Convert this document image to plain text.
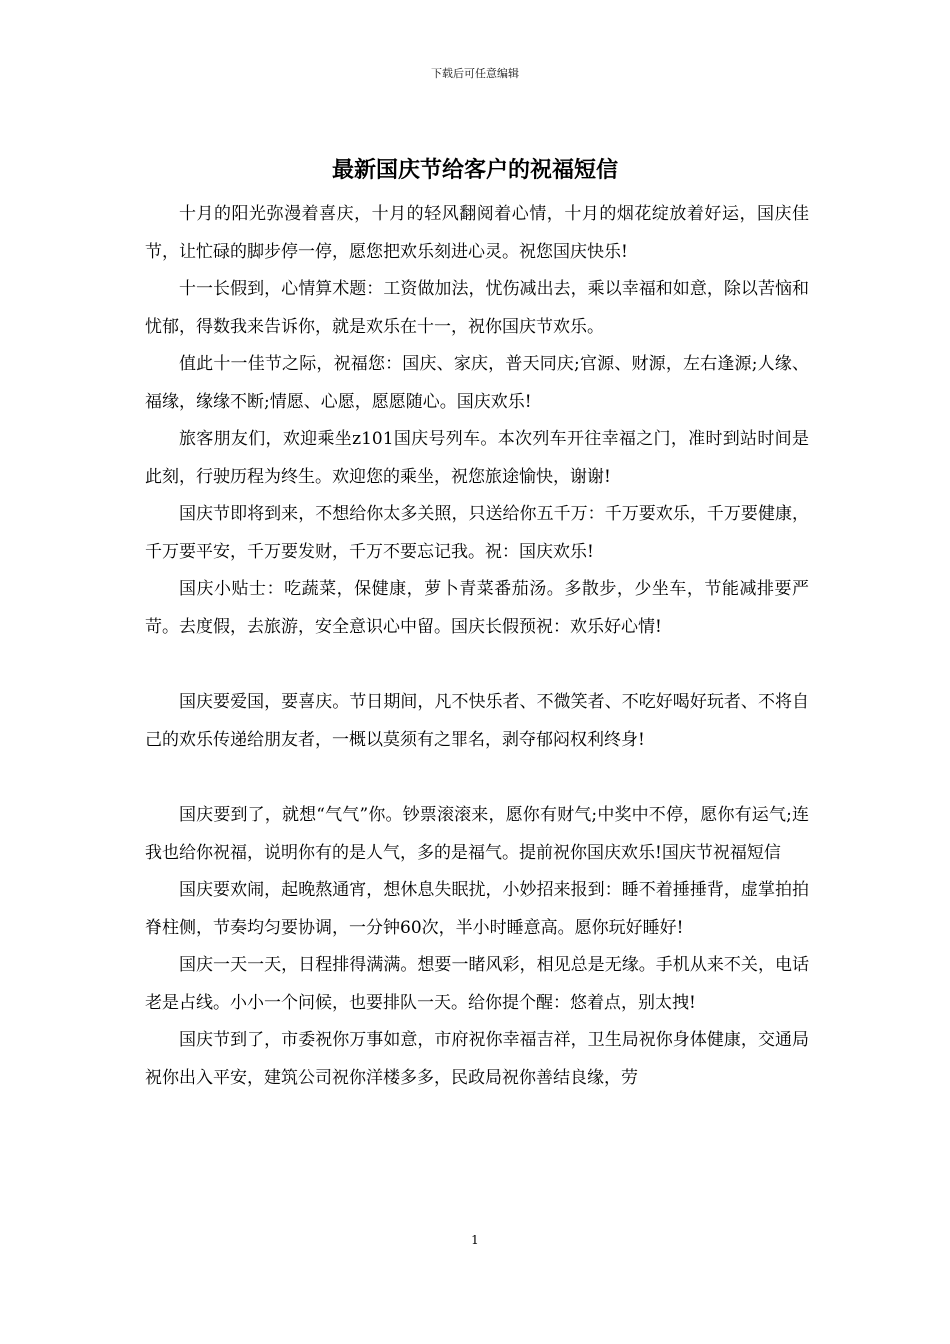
下载后可任意编辑
最新国庆节给客户的祝福短信

十月的阳光弥漫着喜庆，十月的轻风翻阅着心情，十月的烟花绽放着好运，国庆佳节，让忙碌的脚步停一停，愿您把欢乐刻进心灵。祝您国庆快乐!

十一长假到，心情算术题：工资做加法，忧伤减出去，乘以幸福和如意，除以苦恼和忧郁，得数我来告诉你，就是欢乐在十一，祝你国庆节欢乐。

值此十一佳节之际，祝福您：国庆、家庆，普天同庆;官源、财源，左右逢源;人缘、福缘，缘缘不断;情愿、心愿，愿愿随心。国庆欢乐!

旅客朋友们，欢迎乘坐z101国庆号列车。本次列车开往幸福之门，准时到站时间是此刻，行驶历程为终生。欢迎您的乘坐，祝您旅途愉快，谢谢!

国庆节即将到来，不想给你太多关照，只送给你五千万：千万要欢乐，千万要健康，千万要平安，千万要发财，千万不要忘记我。祝：国庆欢乐!

国庆小贴士：吃蔬菜，保健康，萝卜青菜番茄汤。多散步，少坐车，节能减排要严苛。去度假，去旅游，安全意识心中留。国庆长假预祝：欢乐好心情!

国庆要爱国，要喜庆。节日期间，凡不快乐者、不微笑者、不吃好喝好玩者、不将自己的欢乐传递给朋友者，一概以莫须有之罪名，剥夺郁闷权利终身!

国庆要到了，就想“气气”你。钞票滚滚来，愿你有财气;中奖中不停，愿你有运气;连我也给你祝福，说明你有的是人气，多的是福气。提前祝你国庆欢乐!国庆节祝福短信

国庆要欢闹，起晚熬通宵，想休息失眠扰，小妙招来报到：睡不着捶捶背，虚掌拍拍脊柱侧，节奏均匀要协调，一分钟60次，半小时睡意高。愿你玩好睡好!

国庆一天一天，日程排得满满。想要一睹风彩，相见总是无缘。手机从来不关，电话老是占线。小小一个问候，也要排队一天。给你提个醒：悠着点，别太拽!

国庆节到了，市委祝你万事如意，市府祝你幸福吉祥，卫生局祝你身体健康，交通局祝你出入平安，建筑公司祝你洋楼多多，民政局祝你善结良缘，劳

1
